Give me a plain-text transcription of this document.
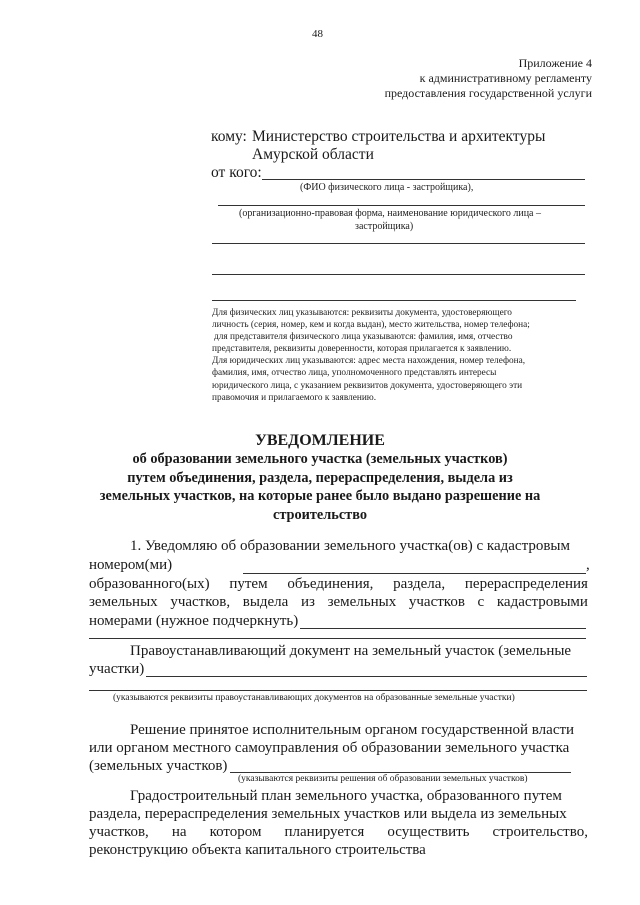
48
Приложение 4
к административному регламенту
предоставления государственной услуги
кому: Министерство строительства и архитектуры
Амурской области
от кого:
(ФИО физического лица - застройщика),
(организационно-правовая форма, наименование юридического лица –
застройщика)
Для физических лиц указываются: реквизиты документа, удостоверяющего
личность (серия, номер, кем и когда выдан), место жительства, номер телефона;
для представителя физического лица указываются: фамилия, имя, отчество
представителя, реквизиты доверенности, которая прилагается к заявлению.
Для юридических лиц указываются: адрес места нахождения, номер телефона,
фамилия, имя, отчество лица, уполномоченного представлять интересы
юридического лица, с указанием реквизитов документа, удостоверяющего эти
правомочия и прилагаемого к заявлению.
УВЕДОМЛЕНИЕ
об образовании земельного участка (земельных участков)
путем объединения, раздела, перераспределения, выдела из
земельных участков, на которые ранее было выдано разрешение на
строительство
1. Уведомляю об образовании земельного участка(ов) с кадастровым
номером(ми)	,
образованного(ых) путем объединения, раздела, перераспределения
земельных участков, выдела из земельных участков с кадастровыми
номерами (нужное подчеркнуть)
Правоустанавливающий документ на земельный участок (земельные
участки)
(указываются реквизиты правоустанавливающих документов на образованные земельные участки)
Решение принятое исполнительным органом государственной власти
или органом местного самоуправления об образовании земельного участка
(земельных участков)
(указываются реквизиты решения об образовании земельных участков)
Градостроительный план земельного участка, образованного путем
раздела, перераспределения земельных участков или выдела из земельных
участков, на котором планируется осуществить строительство,
реконструкцию объекта капитального строительства
